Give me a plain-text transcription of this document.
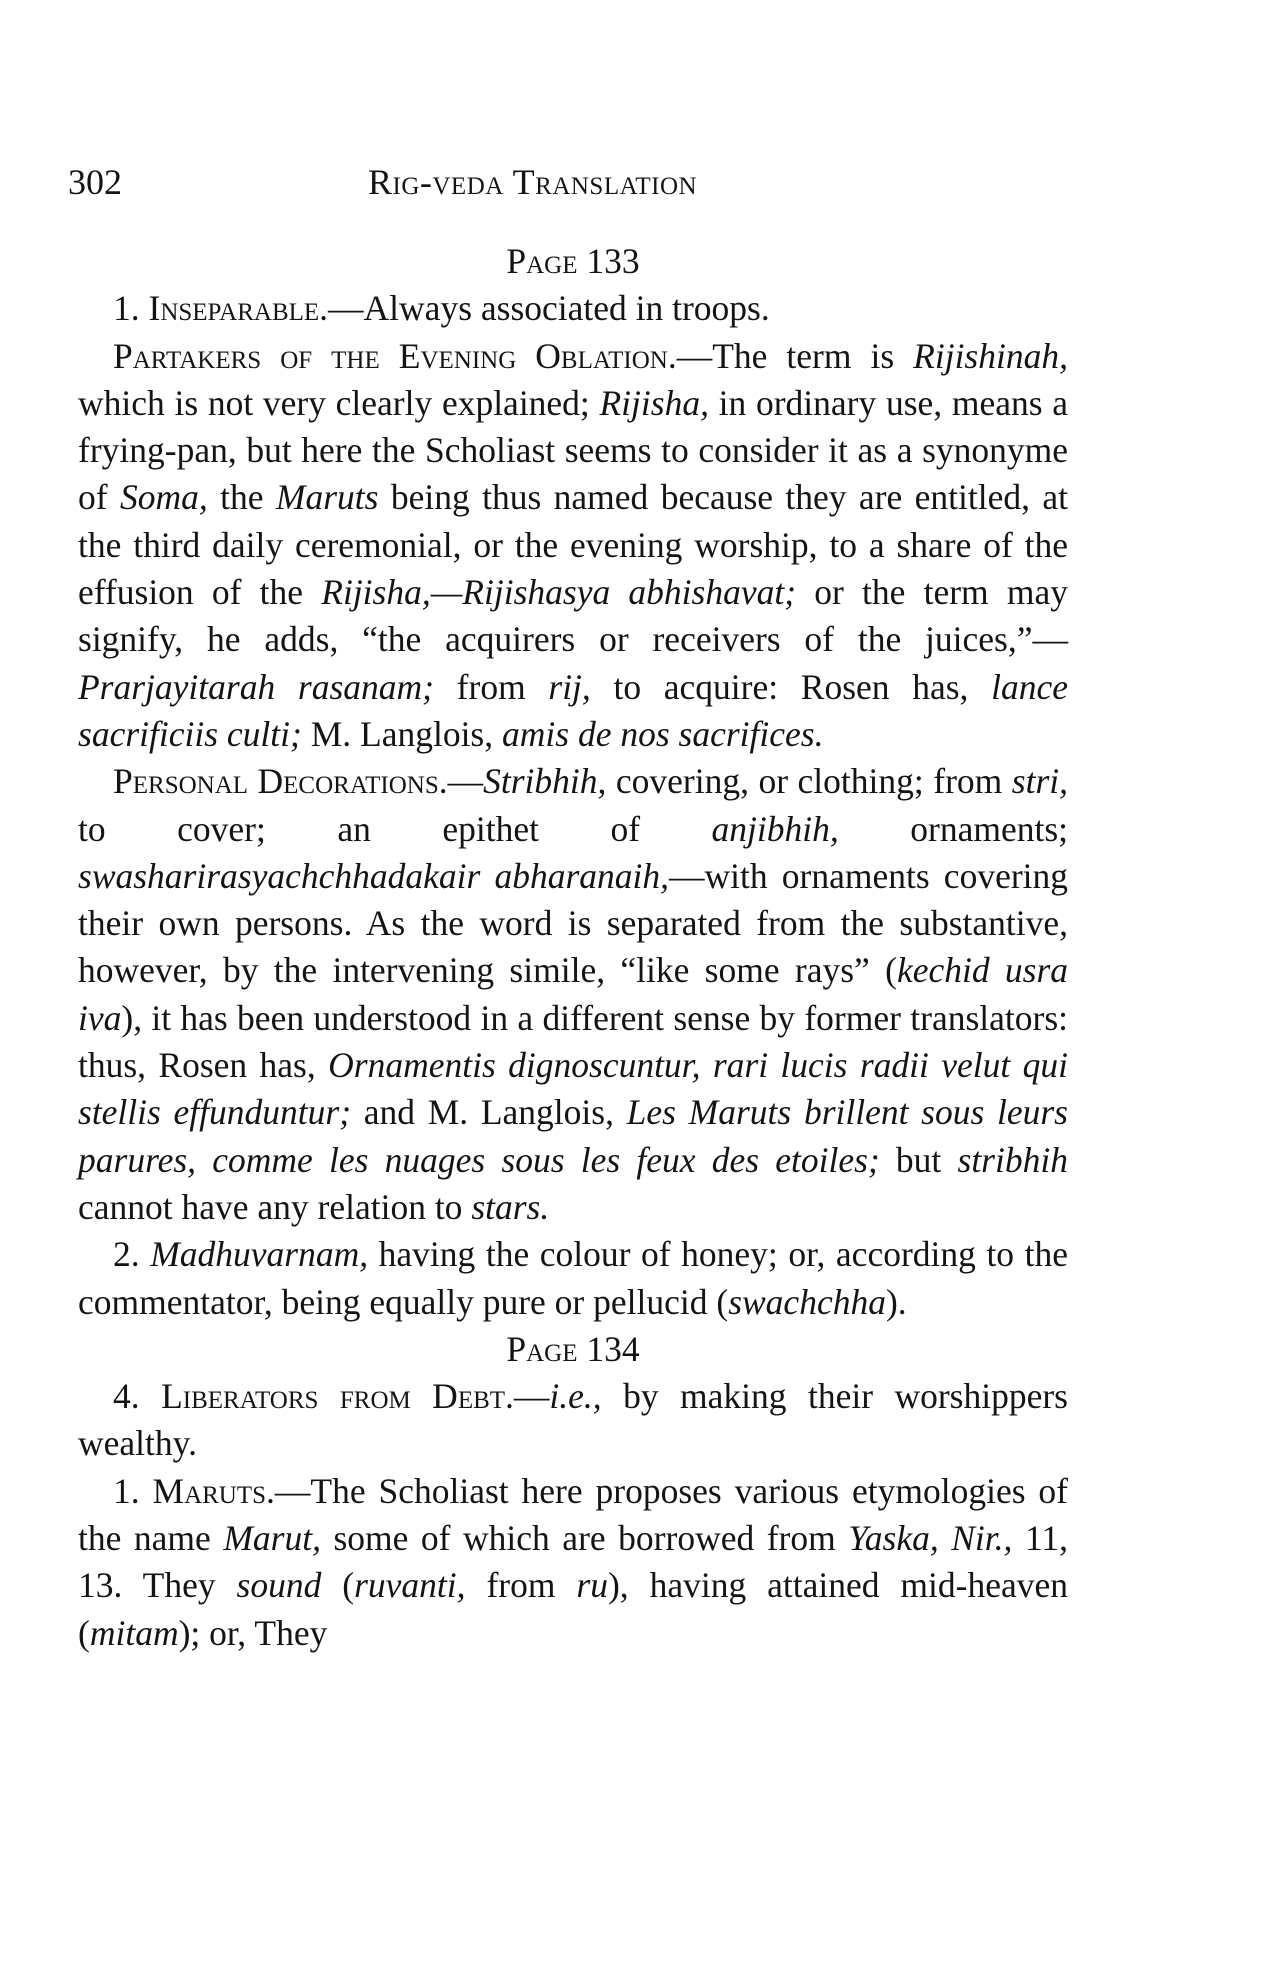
302	Rig-veda Translation

Page 133

1. Inseparable.—Always associated in troops.

Partakers of the Evening Oblation.—The term is Rijishinah, which is not very clearly explained; Rijisha, in ordinary use, means a frying-pan, but here the Scholiast seems to consider it as a synonyme of Soma, the Maruts being thus named because they are entitled, at the third daily ceremonial, or the evening worship, to a share of the effusion of the Rijisha,—Rijishasya abhishavat; or the term may signify, he adds, “the acquirers or receivers of the juices,”—Prarjayitarah rasanam; from rij, to acquire: Rosen has, lance sacrificiis culti; M. Langlois, amis de nos sacrifices.

Personal Decorations.—Stribhih, covering, or clothing; from stri, to cover; an epithet of anjibhih, ornaments; swasharirasyachchhadakair abharanaih,—with ornaments covering their own persons. As the word is separated from the substantive, however, by the intervening simile, “like some rays” (kechid usra iva), it has been understood in a different sense by former translators: thus, Rosen has, Ornamentis dignoscuntur, rari lucis radii velut qui stellis effunduntur; and M. Langlois, Les Maruts brillent sous leurs parures, comme les nuages sous les feux des etoiles; but stribhih cannot have any relation to stars.

2. Madhuvarnam, having the colour of honey; or, according to the commentator, being equally pure or pellucid (swachchha).

Page 134

4. Liberators from Debt.—i.e., by making their worshippers wealthy.

1. Maruts.—The Scholiast here proposes various etymologies of the name Marut, some of which are borrowed from Yaska, Nir., 11, 13. They sound (ruvanti, from ru), having attained mid-heaven (mitam); or, They
